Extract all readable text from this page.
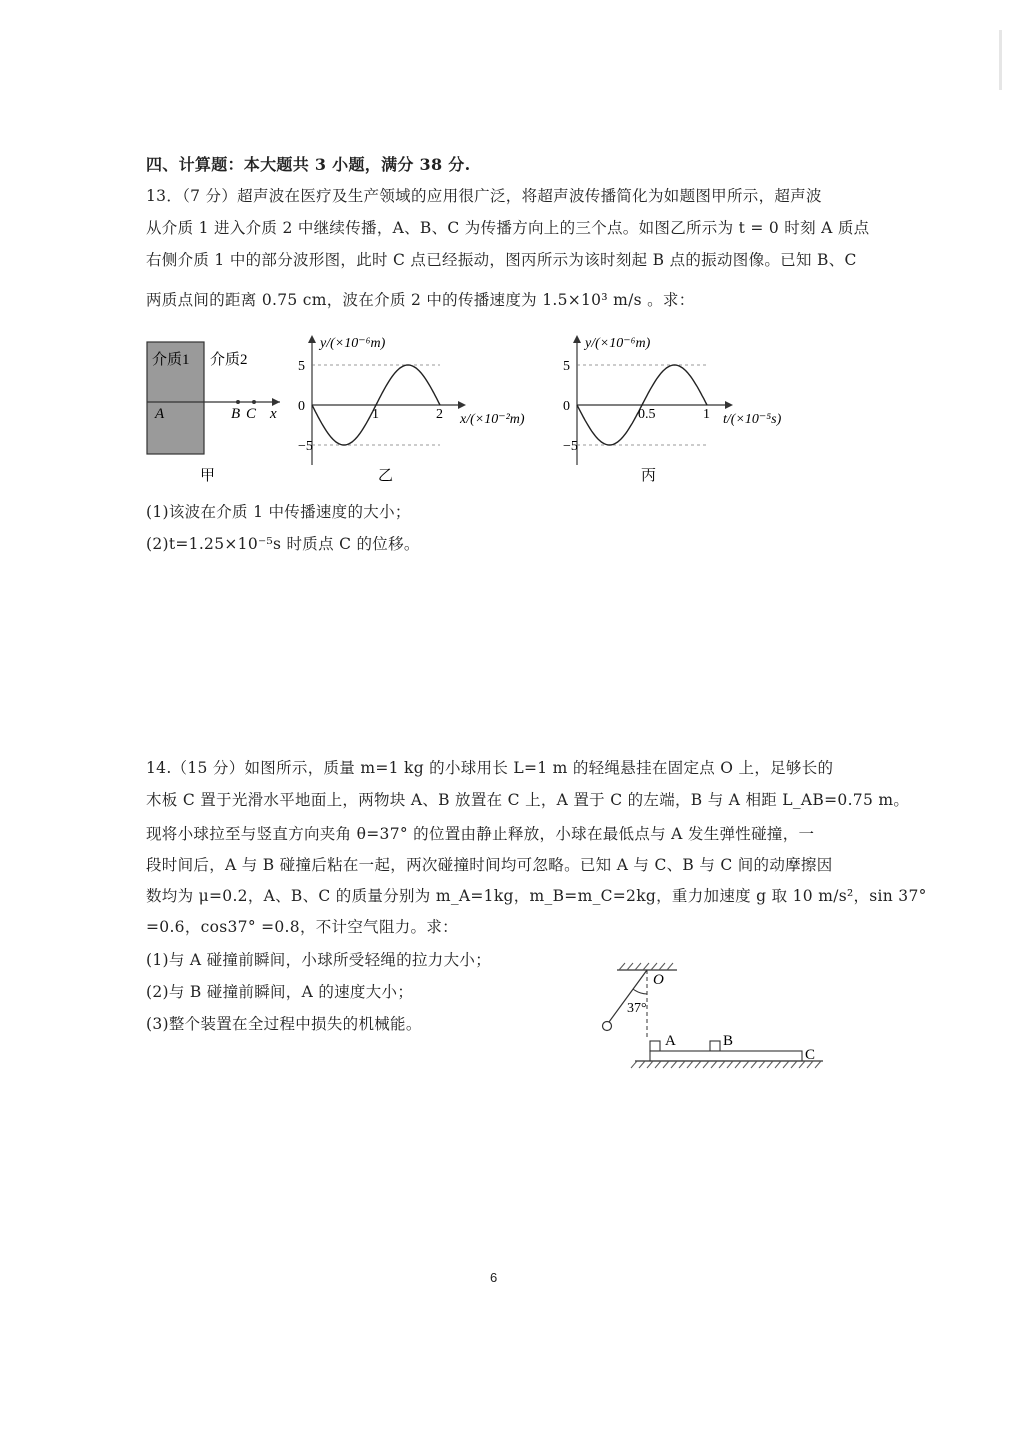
四、计算题：本大题共 3 小题，满分 38 分.
13．（7 分）超声波在医疗及生产领域的应用很广泛，将超声波传播简化为如题图甲所示，超声波
从介质 1 进入介质 2 中继续传播，A、B、C 为传播方向上的三个点。如图乙所示为 t = 0 时刻 A 质点
右侧介质 1 中的部分波形图，此时 C 点已经振动，图丙所示为该时刻起 B 点的振动图像。已知 B、C
两质点间的距离 0.75 cm，波在介质 2 中的传播速度为 1.5×10³ m/s 。求：
介质1 介质2
A	B C x
甲
y/(×10⁻⁶m)
x/(×10⁻²m)
乙
5
0
−5
1	2
y/(×10⁻⁶m)
t/(×10⁻⁵s)
丙
5
0
−5
0.5	1
(1)该波在介质 1 中传播速度的大小；
(2)t=1.25×10⁻⁵s 时质点 C 的位移。
14.（15 分）如图所示，质量 m=1 kg 的小球用长 L=1 m 的轻绳悬挂在固定点 O 上，足够长的
木板 C 置于光滑水平地面上，两物块 A、B 放置在 C 上，A 置于 C 的左端，B 与 A 相距 L_AB=0.75 m。
现将小球拉至与竖直方向夹角 θ=37° 的位置由静止释放，小球在最低点与 A 发生弹性碰撞，一
段时间后，A 与 B 碰撞后粘在一起，两次碰撞时间均可忽略。已知 A 与 C、B 与 C 间的动摩擦因
数均为 μ=0.2，A、B、C 的质量分别为 m_A=1kg，m_B=m_C=2kg，重力加速度 g 取 10 m/s²，sin 37°
=0.6，cos37° =0.8，不计空气阻力。求：
(1)与 A 碰撞前瞬间，小球所受轻绳的拉力大小；
(2)与 B 碰撞前瞬间，A 的速度大小；
(3)整个装置在全过程中损失的机械能。
O
37°
A	B
C
6
